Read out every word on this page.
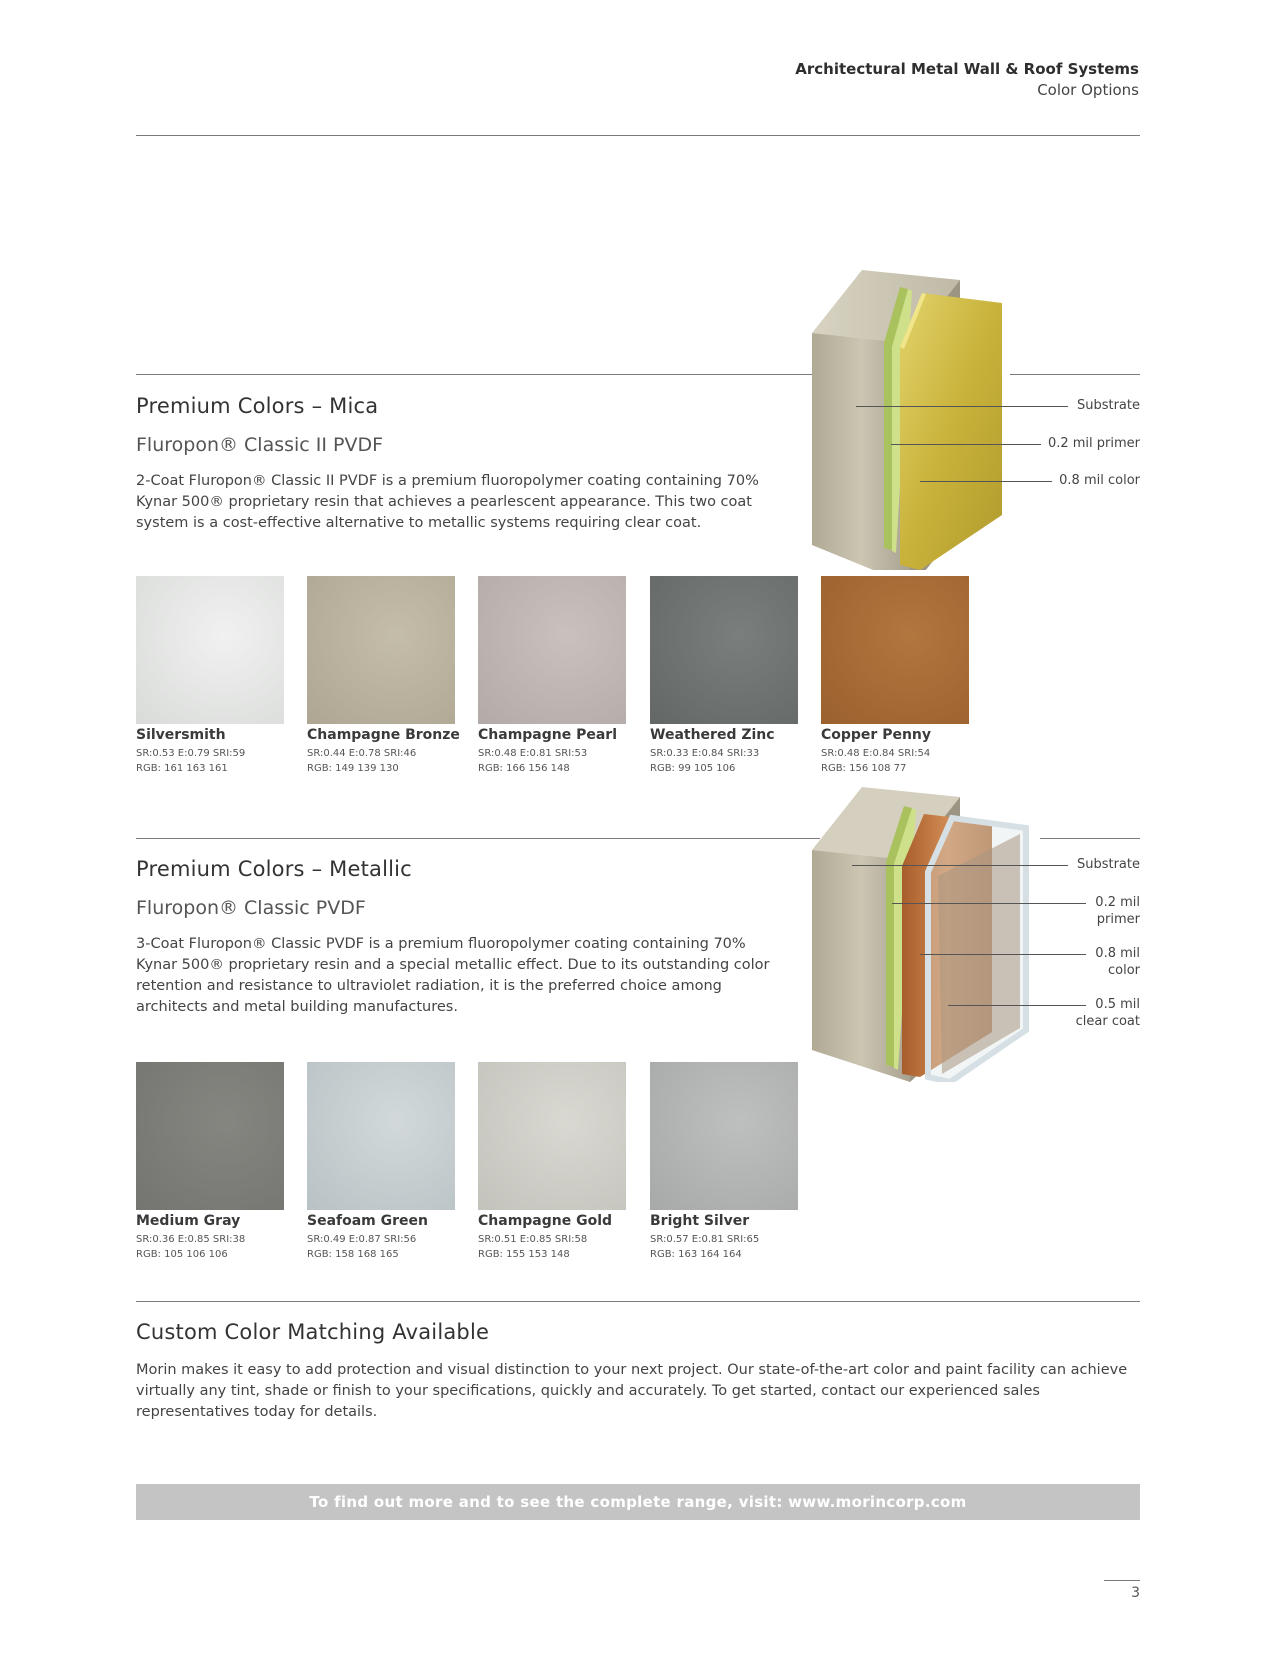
Architectural Metal Wall & Roof Systems
Color Options
Premium Colors – Mica
Fluropon® Classic II PVDF
2-Coat Fluropon® Classic II PVDF is a premium fluoropolymer coating containing 70% Kynar 500® proprietary resin that achieves a pearlescent appearance. This two coat system is a cost-effective alternative to metallic systems requiring clear coat.
Substrate
0.2 mil primer
0.8 mil color
Silversmith
SR:0.53 E:0.79 SRI:59
RGB: 161 163 161
Champagne Bronze
SR:0.44 E:0.78 SRI:46
RGB: 149 139 130
Champagne Pearl
SR:0.48 E:0.81 SRI:53
RGB: 166 156 148
Weathered Zinc
SR:0.33 E:0.84 SRI:33
RGB: 99 105 106
Copper Penny
SR:0.48 E:0.84 SRI:54
RGB: 156 108 77
Premium Colors – Metallic
Fluropon® Classic PVDF
3-Coat Fluropon® Classic PVDF is a premium fluoropolymer coating containing 70% Kynar 500® proprietary resin and a special metallic effect. Due to its outstanding color retention and resistance to ultraviolet radiation, it is the preferred choice among architects and metal building manufactures.
Substrate
0.2 mil
primer
0.8 mil
color
0.5 mil
clear coat
Medium Gray
SR:0.36 E:0.85 SRI:38
RGB: 105 106 106
Seafoam Green
SR:0.49 E:0.87 SRI:56
RGB: 158 168 165
Champagne Gold
SR:0.51 E:0.85 SRI:58
RGB: 155 153 148
Bright Silver
SR:0.57 E:0.81 SRI:65
RGB: 163 164 164
Custom Color Matching Available
Morin makes it easy to add protection and visual distinction to your next project. Our state-of-the-art color and paint facility can achieve virtually any tint, shade or finish to your specifications, quickly and accurately. To get started, contact our experienced sales representatives today for details.
To find out more and to see the complete range, visit: www.morincorp.com
3
